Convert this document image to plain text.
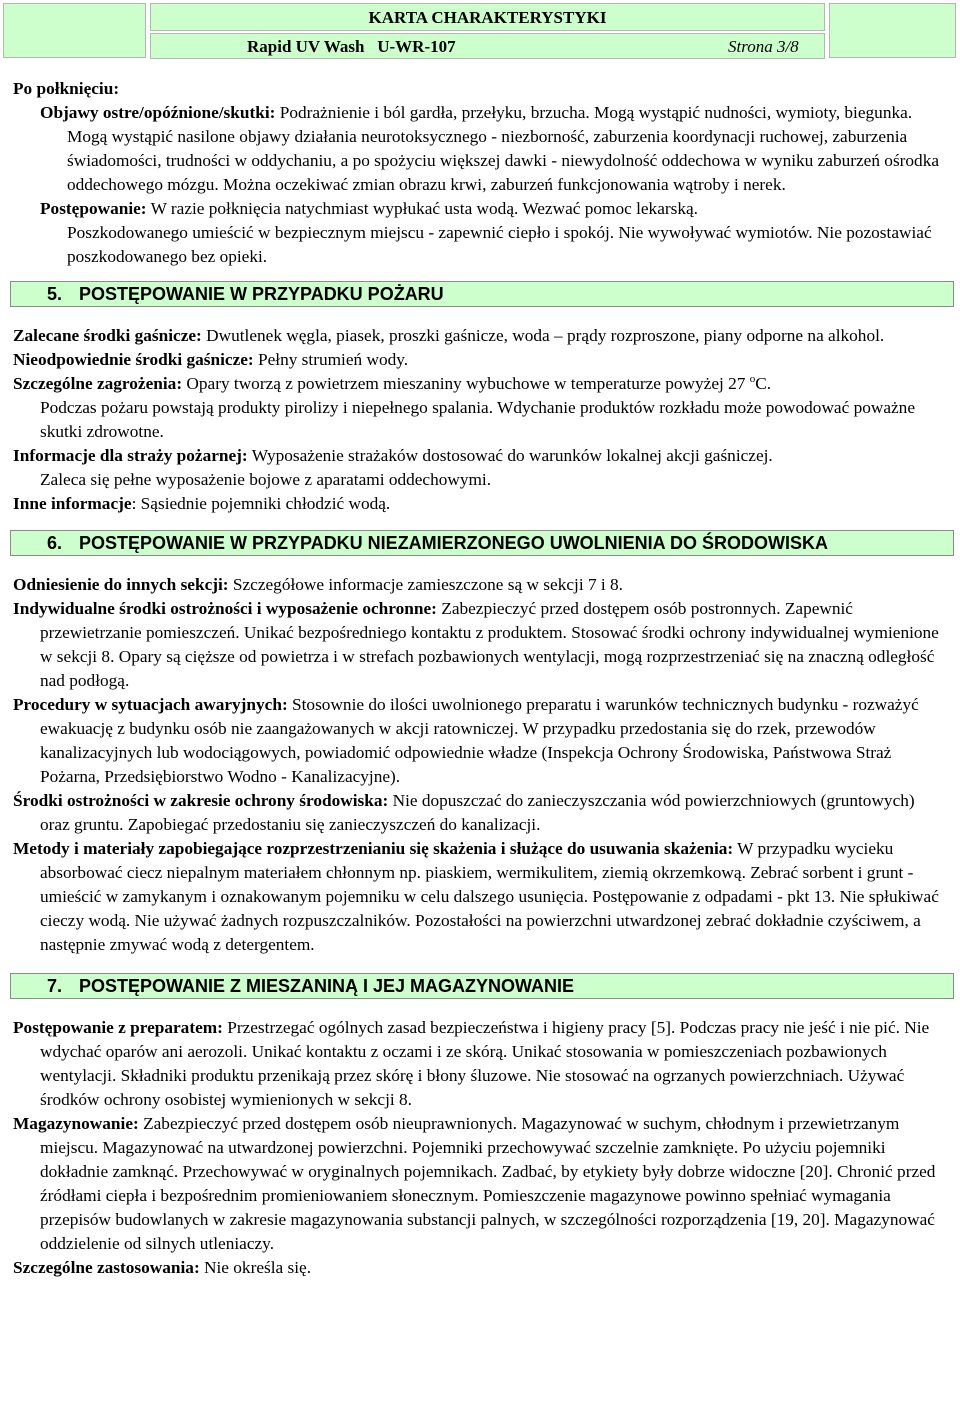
KARTA CHARAKTERYSTYKI
Rapid UV Wash   U-WR-107	Strona 3/8

Po połknięciu:

Objawy ostre/opóźnione/skutki: Podrażnienie i ból gardła, przełyku, brzucha. Mogą wystąpić nudności, wymioty, biegunka. Mogą wystąpić nasilone objawy działania neurotoksycznego - niezborność, zaburzenia koordynacji ruchowej, zaburzenia świadomości, trudności w oddychaniu, a po spożyciu większej dawki - niewydolność oddechowa w wyniku zaburzeń ośrodka oddechowego mózgu. Można oczekiwać zmian obrazu krwi, zaburzeń funkcjonowania wątroby i nerek.

Postępowanie: W razie połknięcia natychmiast wypłukać usta wodą. Wezwać pomoc lekarską.

Poszkodowanego umieścić w bezpiecznym miejscu - zapewnić ciepło i spokój. Nie wywoływać wymiotów. Nie pozostawiać poszkodowanego bez opieki.

5. POSTĘPOWANIE W PRZYPADKU POŻARU

Zalecane środki gaśnicze: Dwutlenek węgla, piasek, proszki gaśnicze, woda – prądy rozproszone, piany odporne na alkohol.

Nieodpowiednie środki gaśnicze: Pełny strumień wody.

Szczególne zagrożenia: Opary tworzą z powietrzem mieszaniny wybuchowe w temperaturze powyżej 27 $^o$C.

Podczas pożaru powstają produkty pirolizy i niepełnego spalania. Wdychanie produktów rozkładu może powodować poważne skutki zdrowotne.

Informacje dla straży pożarnej: Wyposażenie strażaków dostosować do warunków lokalnej akcji gaśniczej.

Zaleca się pełne wyposażenie bojowe z aparatami oddechowymi.

Inne informacje: Sąsiednie pojemniki chłodzić wodą.

6. POSTĘPOWANIE W PRZYPADKU NIEZAMIERZONEGO UWOLNIENIA DO ŚRODOWISKA

Odniesienie do innych sekcji: Szczegółowe informacje zamieszczone są w sekcji 7 i 8.

Indywidualne środki ostrożności i wyposażenie ochronne: Zabezpieczyć przed dostępem osób postronnych. Zapewnić przewietrzanie pomieszczeń. Unikać bezpośredniego kontaktu z produktem. Stosować środki ochrony indywidualnej wymienione w sekcji 8. Opary są cięższe od powietrza i w strefach pozbawionych wentylacji, mogą rozprzestrzeniać się na znaczną odległość nad podłogą.

Procedury w sytuacjach awaryjnych: Stosownie do ilości uwolnionego preparatu i warunków technicznych budynku - rozważyć ewakuację z budynku osób nie zaangażowanych w akcji ratowniczej. W przypadku przedostania się do rzek, przewodów kanalizacyjnych lub wodociągowych, powiadomić odpowiednie władze (Inspekcja Ochrony Środowiska, Państwowa Straż Pożarna, Przedsiębiorstwo Wodno - Kanalizacyjne).

Środki ostrożności w zakresie ochrony środowiska: Nie dopuszczać do zanieczyszczania wód powierzchniowych (gruntowych) oraz gruntu. Zapobiegać przedostaniu się zanieczyszczeń do kanalizacji.

Metody i materiały zapobiegające rozprzestrzenianiu się skażenia i służące do usuwania skażenia: W przypadku wycieku absorbować ciecz niepalnym materiałem chłonnym np. piaskiem, wermikulitem, ziemią okrzemkową. Zebrać sorbent i grunt - umieścić w zamykanym i oznakowanym pojemniku w celu dalszego usunięcia. Postępowanie z odpadami - pkt 13. Nie spłukiwać cieczy wodą. Nie używać żadnych rozpuszczalników. Pozostałości na powierzchni utwardzonej zebrać dokładnie czyściwem, a następnie zmywać wodą z detergentem.

7. POSTĘPOWANIE Z MIESZANINĄ I JEJ MAGAZYNOWANIE

Postępowanie z preparatem: Przestrzegać ogólnych zasad bezpieczeństwa i higieny pracy [5]. Podczas pracy nie jeść i nie pić. Nie wdychać oparów ani aerozoli. Unikać kontaktu z oczami i ze skórą. Unikać stosowania w pomieszczeniach pozbawionych wentylacji. Składniki produktu przenikają przez skórę i błony śluzowe. Nie stosować na ogrzanych powierzchniach. Używać środków ochrony osobistej wymienionych w sekcji 8.

Magazynowanie: Zabezpieczyć przed dostępem osób nieuprawnionych. Magazynować w suchym, chłodnym i przewietrzanym miejscu. Magazynować na utwardzonej powierzchni. Pojemniki przechowywać szczelnie zamknięte. Po użyciu pojemniki dokładnie zamknąć. Przechowywać w oryginalnych pojemnikach. Zadbać, by etykiety były dobrze widoczne [20]. Chronić przed źródłami ciepła i bezpośrednim promieniowaniem słonecznym. Pomieszczenie magazynowe powinno spełniać wymagania przepisów budowlanych w zakresie magazynowania substancji palnych, w szczególności rozporządzenia [19, 20]. Magazynować oddzielenie od silnych utleniaczy.

Szczególne zastosowania: Nie określa się.
